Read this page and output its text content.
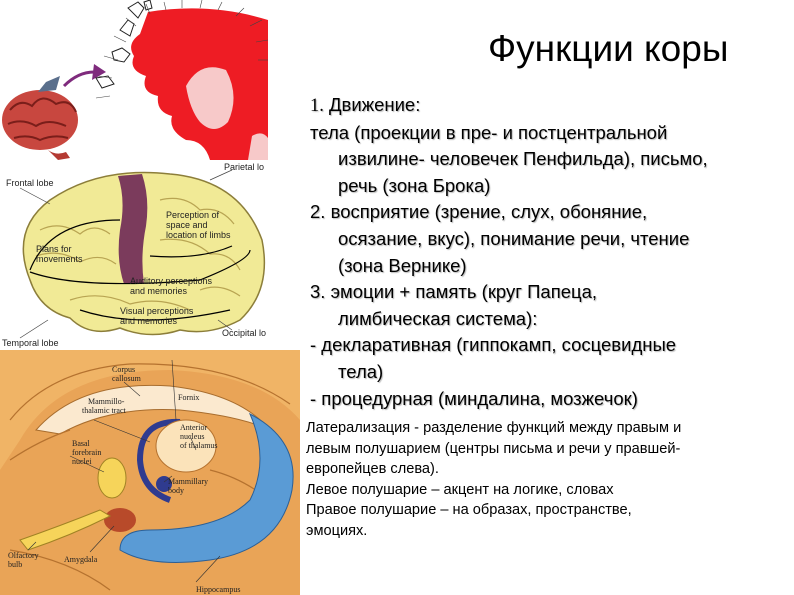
Функции коры
1. Движение:
тела (проекции в пре- и постцентральной
извилине- человечек Пенфильда), письмо,
речь (зона Брока)
2. восприятие (зрение, слух, обоняние,
осязание, вкус), понимание речи, чтение
(зона Вернике)
3. эмоции + память (круг Папеца,
лимбическая система):
- декларативная (гиппокамп, сосцевидные
тела)
- процедурная (миндалина, мозжечок)
Латерализация - разделение функций между правым и
левым полушарием (центры письма и речи у правшей-
европейцев слева).
Левое полушарие – акцент на логике, словах
Правое полушарие – на образах, пространстве,
эмоциях.
Frontal lobe
Parietal lo
Temporal lobe
Occipital lo
Perception of
space and
location of limbs
Plans for
movements
Auditory perceptions
and memories
Visual perceptions
and memories
Corpus
callosum
Fornix
Mammillo-
thalamic tract
Basal
forebrain
nuclei
Anterior
nucleus
of thalamus
Mammillary
body
Amygdala
Olfactory
bulb
Hippocampus
